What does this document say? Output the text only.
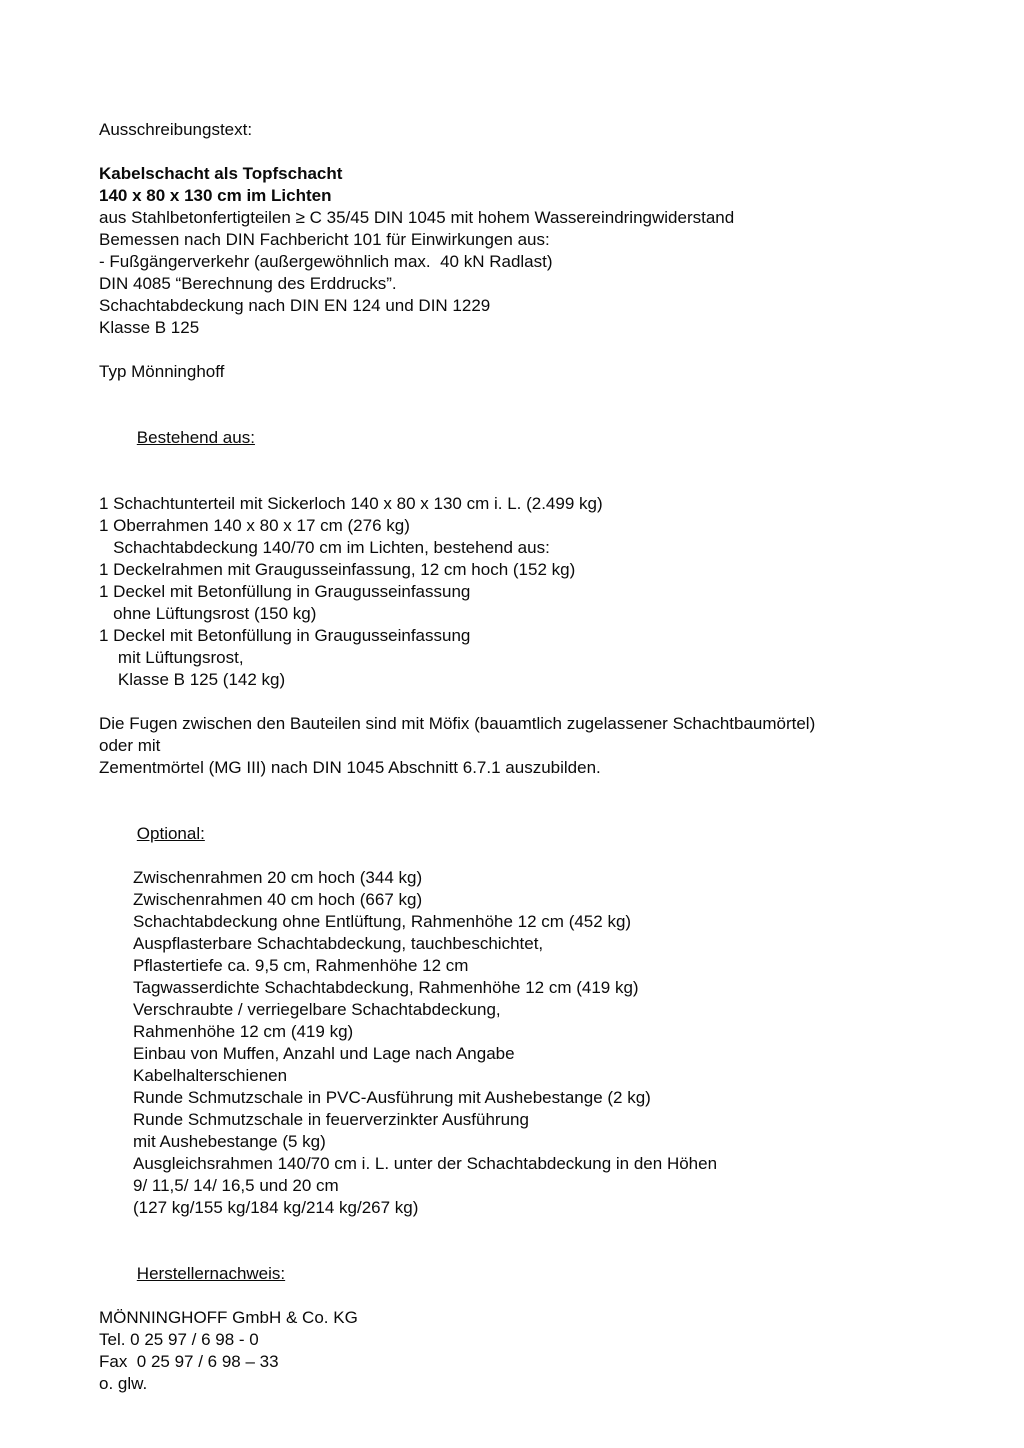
Ausschreibungstext:
Kabelschacht als Topfschacht
140 x 80 x 130 cm im Lichten
aus Stahlbetonfertigteilen ≥ C 35/45 DIN 1045 mit hohem Wassereindringwiderstand
Bemessen nach DIN Fachbericht 101 für Einwirkungen aus:
- Fußgängerverkehr (außergewöhnlich max.  40 kN Radlast)
DIN 4085 “Berechnung des Erddrucks”.
Schachtabdeckung nach DIN EN 124 und DIN 1229
Klasse B 125
Typ Mönninghoff

Bestehend aus:

1 Schachtunterteil mit Sickerloch 140 x 80 x 130 cm i. L. (2.499 kg)
1 Oberrahmen 140 x 80 x 17 cm (276 kg)
Schachtabdeckung 140/70 cm im Lichten, bestehend aus:
1 Deckelrahmen mit Graugusseinfassung, 12 cm hoch (152 kg)
1 Deckel mit Betonfüllung in Graugusseinfassung
ohne Lüftungsrost (150 kg)
1 Deckel mit Betonfüllung in Graugusseinfassung
mit Lüftungsrost,
Klasse B 125 (142 kg)
Die Fugen zwischen den Bauteilen sind mit Möfix (bauamtlich zugelassener Schachtbaumörtel)
oder mit
Zementmörtel (MG III) nach DIN 1045 Abschnitt 6.7.1 auszubilden.

Optional:

Zwischenrahmen 20 cm hoch (344 kg)
Zwischenrahmen 40 cm hoch (667 kg)
Schachtabdeckung ohne Entlüftung, Rahmenhöhe 12 cm (452 kg)
Auspflasterbare Schachtabdeckung, tauchbeschichtet,
Pflastertiefe ca. 9,5 cm, Rahmenhöhe 12 cm
Tagwasserdichte Schachtabdeckung, Rahmenhöhe 12 cm (419 kg)
Verschraubte / verriegelbare Schachtabdeckung,
Rahmenhöhe 12 cm (419 kg)
Einbau von Muffen, Anzahl und Lage nach Angabe
Kabelhalterschienen
Runde Schmutzschale in PVC-Ausführung mit Aushebestange (2 kg)
Runde Schmutzschale in feuerverzinkter Ausführung
mit Aushebestange (5 kg)
Ausgleichsrahmen 140/70 cm i. L. unter der Schachtabdeckung in den Höhen
9/ 11,5/ 14/ 16,5 und 20 cm
(127 kg/155 kg/184 kg/214 kg/267 kg)

Herstellernachweis:

MÖNNINGHOFF GmbH & Co. KG
Tel. 0 25 97 / 6 98 - 0
Fax  0 25 97 / 6 98 – 33
o. glw.
